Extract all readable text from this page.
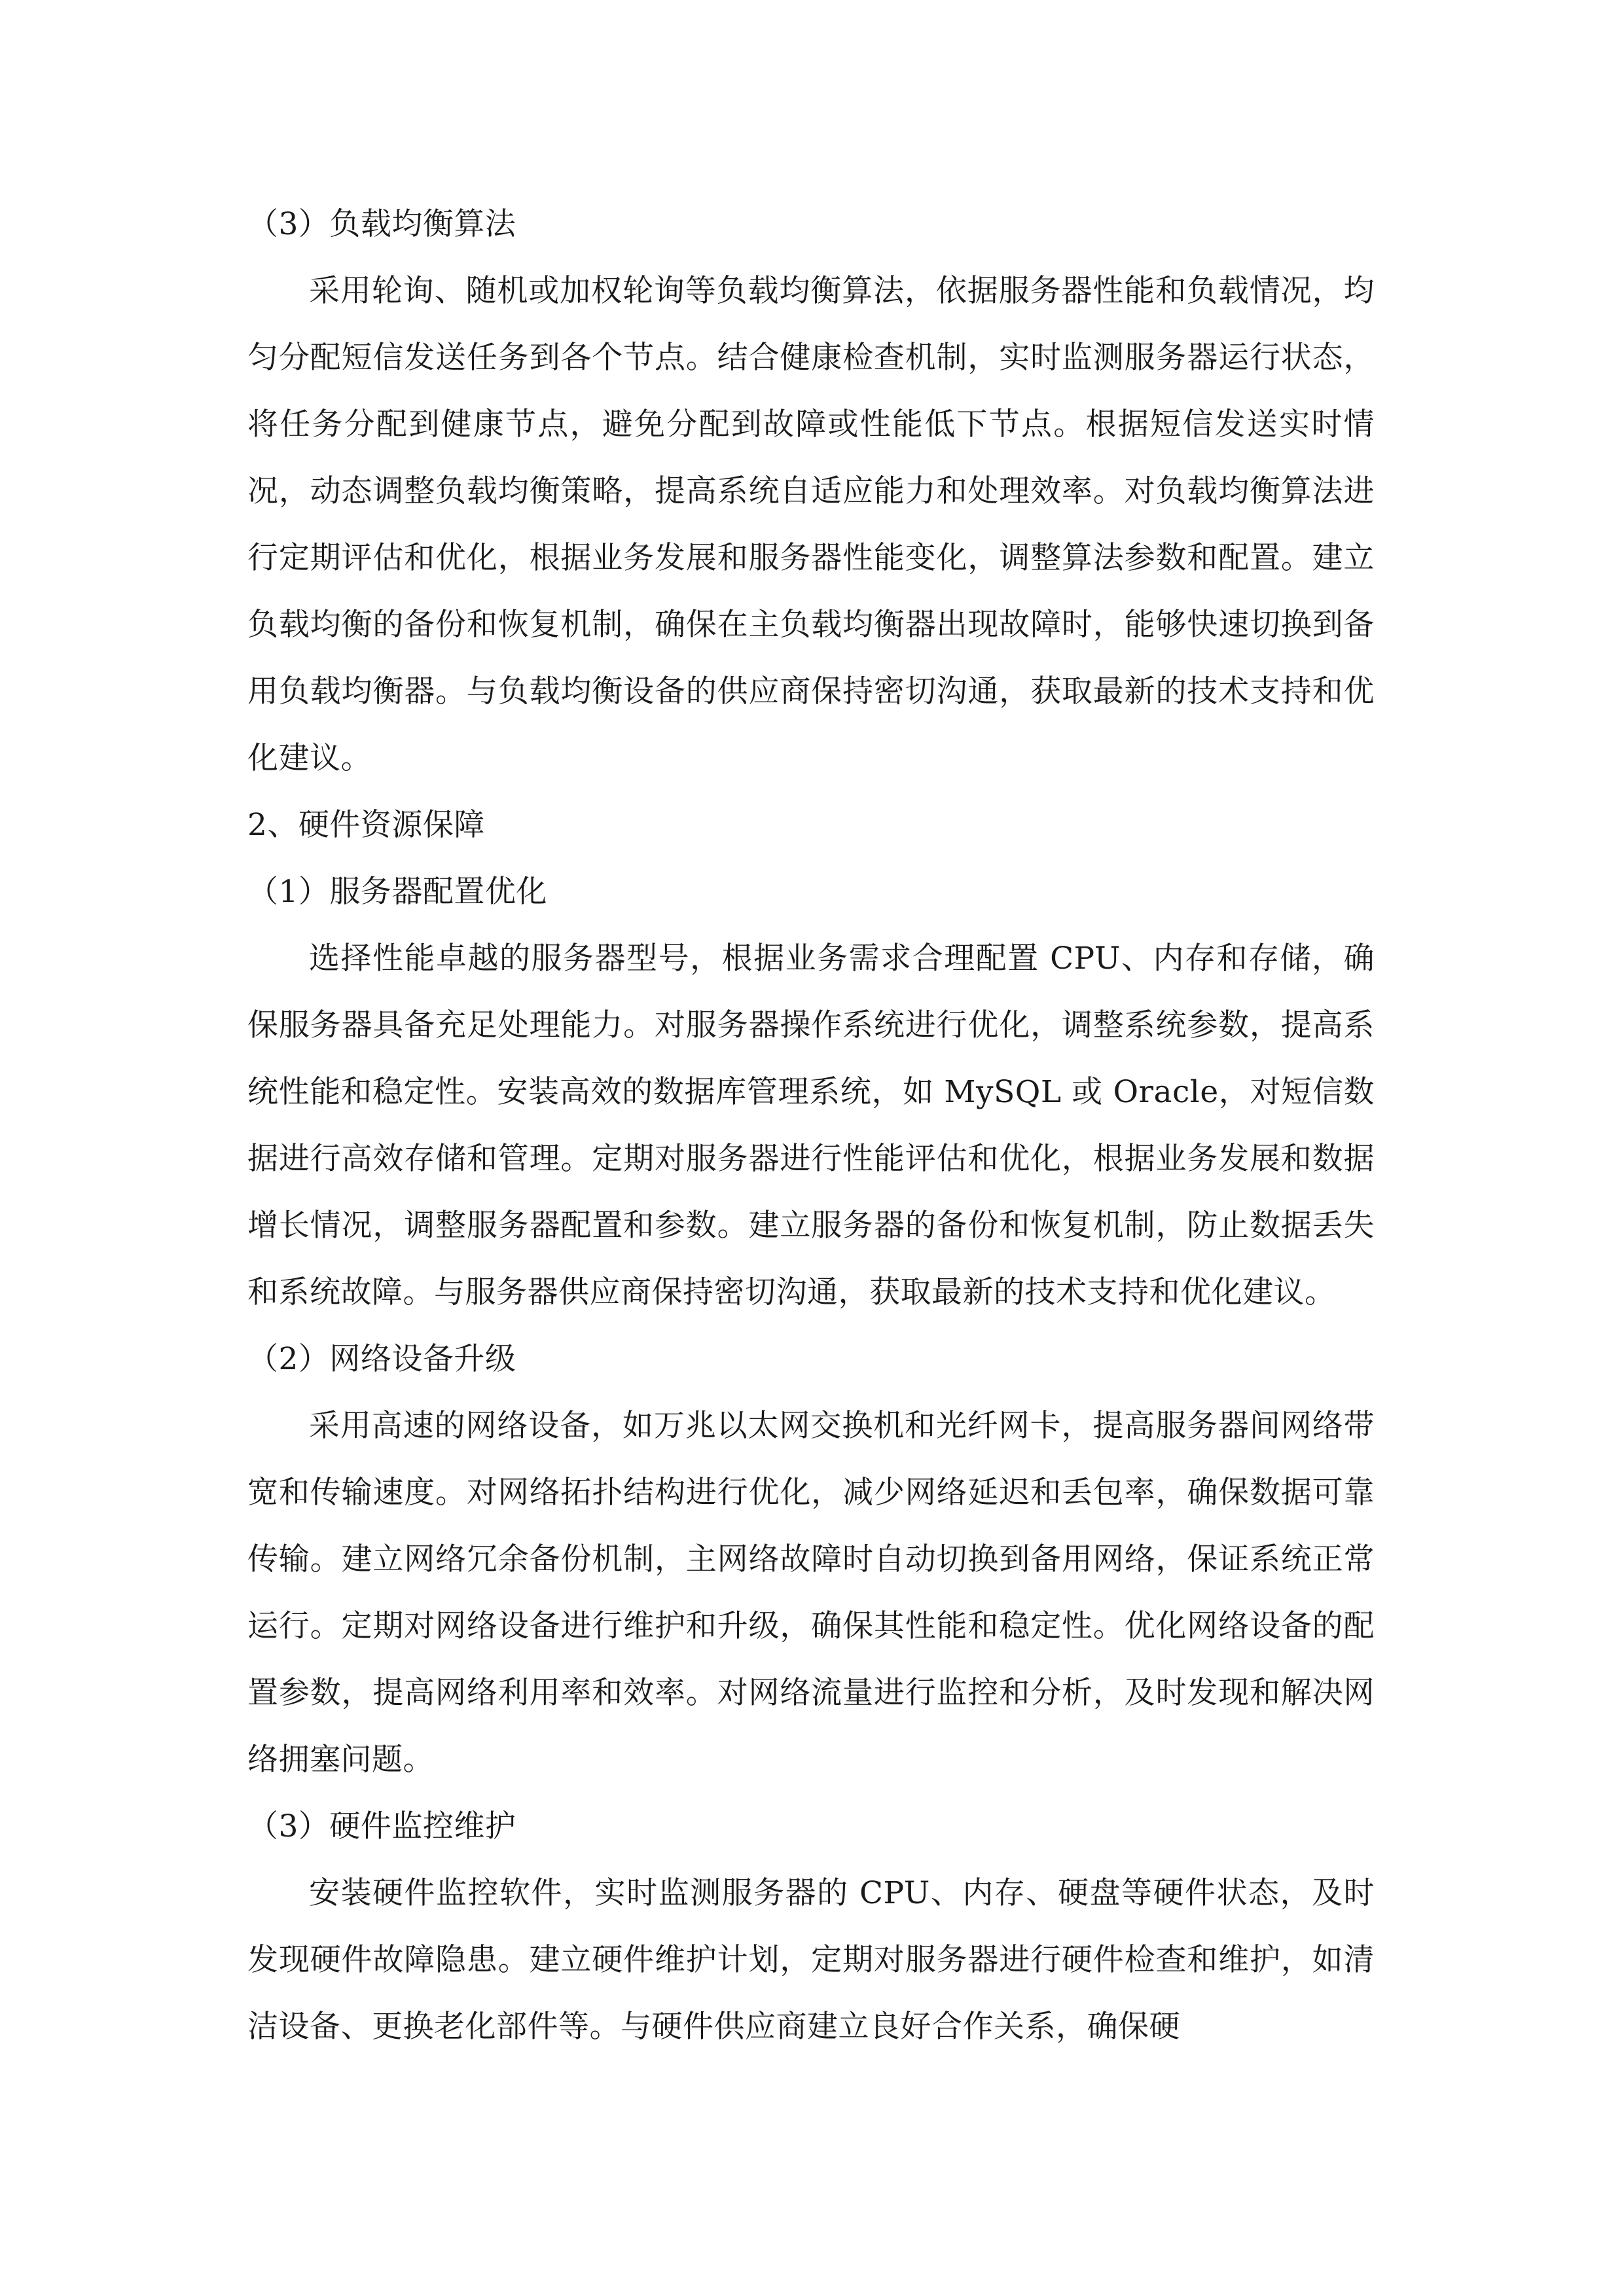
（3）负载均衡算法

采用轮询、随机或加权轮询等负载均衡算法，依据服务器性能和负载情况，均匀分配短信发送任务到各个节点。结合健康检查机制，实时监测服务器运行状态，将任务分配到健康节点，避免分配到故障或性能低下节点。根据短信发送实时情况，动态调整负载均衡策略，提高系统自适应能力和处理效率。对负载均衡算法进行定期评估和优化，根据业务发展和服务器性能变化，调整算法参数和配置。建立负载均衡的备份和恢复机制，确保在主负载均衡器出现故障时，能够快速切换到备用负载均衡器。与负载均衡设备的供应商保持密切沟通，获取最新的技术支持和优化建议。

2、硬件资源保障
（1）服务器配置优化

选择性能卓越的服务器型号，根据业务需求合理配置 CPU、内存和存储，确保服务器具备充足处理能力。对服务器操作系统进行优化，调整系统参数，提高系统性能和稳定性。安装高效的数据库管理系统，如 MySQL 或 Oracle，对短信数据进行高效存储和管理。定期对服务器进行性能评估和优化，根据业务发展和数据增长情况，调整服务器配置和参数。建立服务器的备份和恢复机制，防止数据丢失和系统故障。与服务器供应商保持密切沟通，获取最新的技术支持和优化建议。

（2）网络设备升级

采用高速的网络设备，如万兆以太网交换机和光纤网卡，提高服务器间网络带宽和传输速度。对网络拓扑结构进行优化，减少网络延迟和丢包率，确保数据可靠传输。建立网络冗余备份机制，主网络故障时自动切换到备用网络，保证系统正常运行。定期对网络设备进行维护和升级，确保其性能和稳定性。优化网络设备的配置参数，提高网络利用率和效率。对网络流量进行监控和分析，及时发现和解决网络拥塞问题。

（3）硬件监控维护

安装硬件监控软件，实时监测服务器的 CPU、内存、硬盘等硬件状态，及时发现硬件故障隐患。建立硬件维护计划，定期对服务器进行硬件检查和维护，如清洁设备、更换老化部件等。与硬件供应商建立良好合作关系，确保硬
